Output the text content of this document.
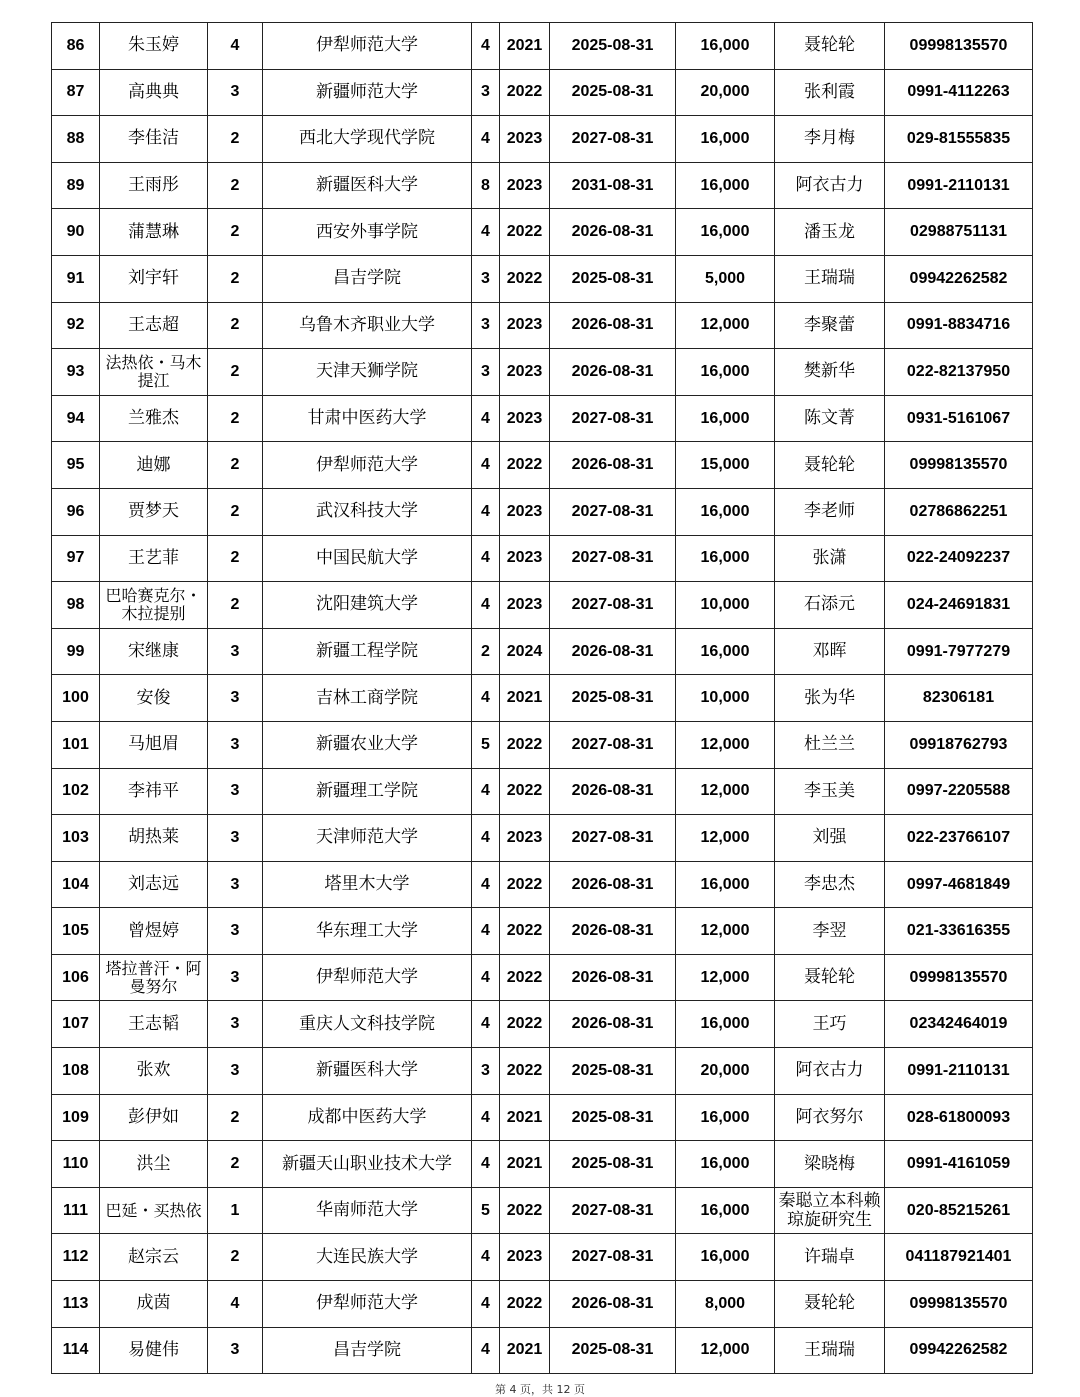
86	朱玉婷	4	伊犁师范大学	4	2021	2025-08-31	16,000	聂轮轮	09998135570
87	高典典	3	新疆师范大学	3	2022	2025-08-31	20,000	张利霞	0991-4112263
88	李佳洁	2	西北大学现代学院	4	2023	2027-08-31	16,000	李月梅	029-81555835
89	王雨彤	2	新疆医科大学	8	2023	2031-08-31	16,000	阿衣古力	0991-2110131
90	蒲慧琳	2	西安外事学院	4	2022	2026-08-31	16,000	潘玉龙	02988751131
91	刘宇轩	2	昌吉学院	3	2022	2025-08-31	5,000	王瑞瑞	09942262582
92	王志超	2	乌鲁木齐职业大学	3	2023	2026-08-31	12,000	李聚蕾	0991-8834716
93	法热依・马木提江	2	天津天狮学院	3	2023	2026-08-31	16,000	樊新华	022-82137950
94	兰雅杰	2	甘肃中医药大学	4	2023	2027-08-31	16,000	陈文菁	0931-5161067
95	迪娜	2	伊犁师范大学	4	2022	2026-08-31	15,000	聂轮轮	09998135570
96	贾梦天	2	武汉科技大学	4	2023	2027-08-31	16,000	李老师	02786862251
97	王艺菲	2	中国民航大学	4	2023	2027-08-31	16,000	张潇	022-24092237
98	巴哈赛克尔・木拉提别	2	沈阳建筑大学	4	2023	2027-08-31	10,000	石添元	024-24691831
99	宋继康	3	新疆工程学院	2	2024	2026-08-31	16,000	邓晖	0991-7977279
100	安俊	3	吉林工商学院	4	2021	2025-08-31	10,000	张为华	82306181
101	马旭眉	3	新疆农业大学	5	2022	2027-08-31	12,000	杜兰兰	09918762793
102	李祎平	3	新疆理工学院	4	2022	2026-08-31	12,000	李玉美	0997-2205588
103	胡热莱	3	天津师范大学	4	2023	2027-08-31	12,000	刘强	022-23766107
104	刘志远	3	塔里木大学	4	2022	2026-08-31	16,000	李忠杰	0997-4681849
105	曾煜婷	3	华东理工大学	4	2022	2026-08-31	12,000	李翌	021-33616355
106	塔拉普汗・阿曼努尔	3	伊犁师范大学	4	2022	2026-08-31	12,000	聂轮轮	09998135570
107	王志韬	3	重庆人文科技学院	4	2022	2026-08-31	16,000	王巧	02342464019
108	张欢	3	新疆医科大学	3	2022	2025-08-31	20,000	阿衣古力	0991-2110131
109	彭伊如	2	成都中医药大学	4	2021	2025-08-31	16,000	阿衣努尔	028-61800093
110	洪尘	2	新疆天山职业技术大学	4	2021	2025-08-31	16,000	梁晓梅	0991-4161059
111	巴延・买热依	1	华南师范大学	5	2022	2027-08-31	16,000	秦聪立本科赖琼旋研究生	020-85215261
112	赵宗云	2	大连民族大学	4	2023	2027-08-31	16,000	许瑞卓	041187921401
113	成茵	4	伊犁师范大学	4	2022	2026-08-31	8,000	聂轮轮	09998135570
114	易健伟	3	昌吉学院	4	2021	2025-08-31	12,000	王瑞瑞	09942262582
第 4 页，共 12 页
